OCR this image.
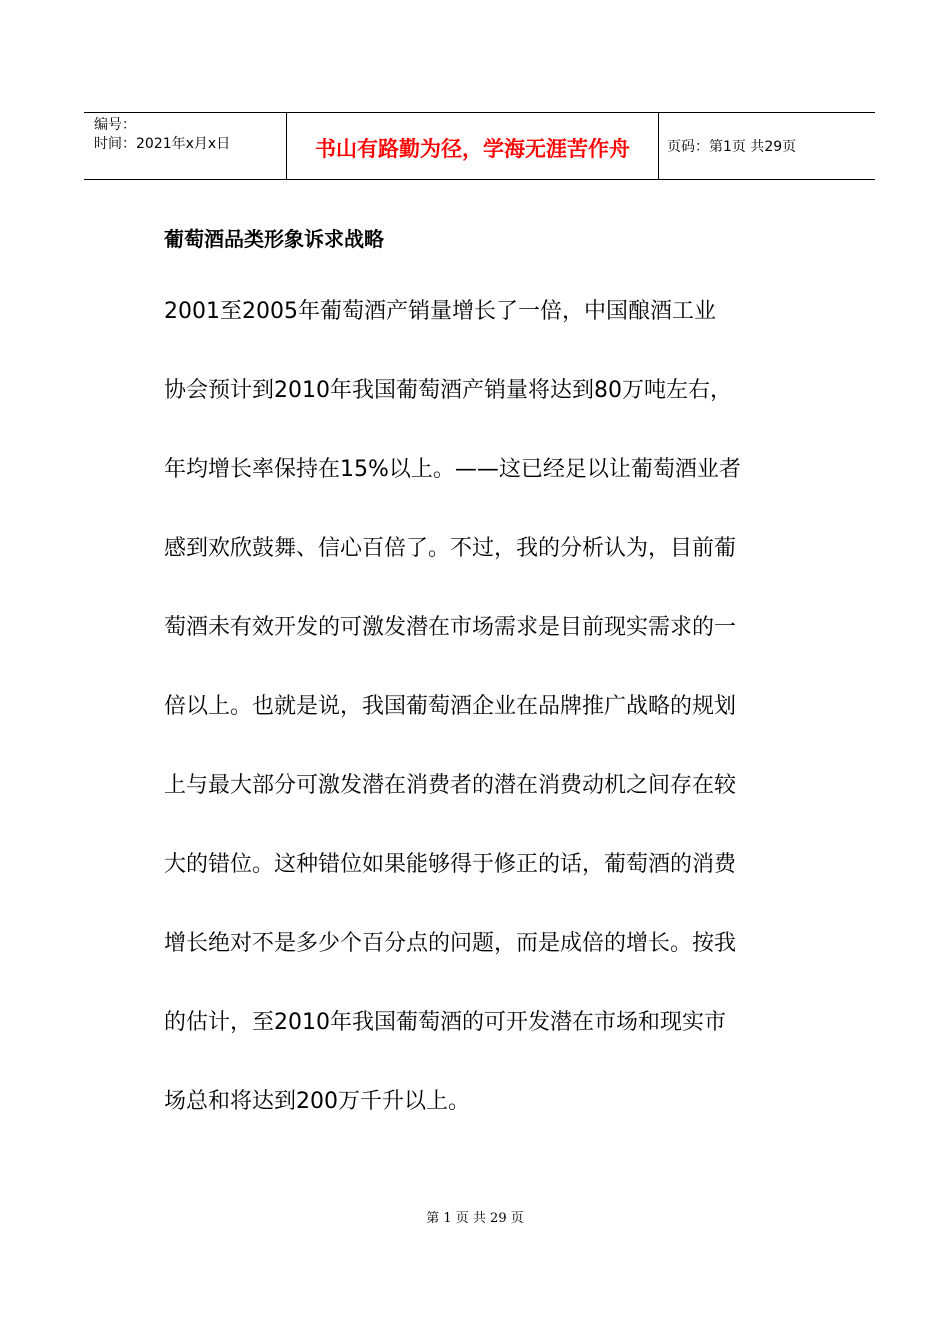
编号：
时间：2021年x月x日	书山有路勤为径，学海无涯苦作舟	页码：第1页 共29页
葡萄酒品类形象诉求战略
2001至2005年葡萄酒产销量增长了一倍，中国酿酒工业
协会预计到2010年我国葡萄酒产销量将达到80万吨左右，
年均增长率保持在15%以上。——这已经足以让葡萄酒业者
感到欢欣鼓舞、信心百倍了。不过，我的分析认为，目前葡
萄酒未有效开发的可激发潜在市场需求是目前现实需求的一
倍以上。也就是说，我国葡萄酒企业在品牌推广战略的规划
上与最大部分可激发潜在消费者的潜在消费动机之间存在较
大的错位。这种错位如果能够得于修正的话，葡萄酒的消费
增长绝对不是多少个百分点的问题，而是成倍的增长。按我
的估计，至2010年我国葡萄酒的可开发潜在市场和现实市
场总和将达到200万千升以上。
第 1 页 共 29 页
